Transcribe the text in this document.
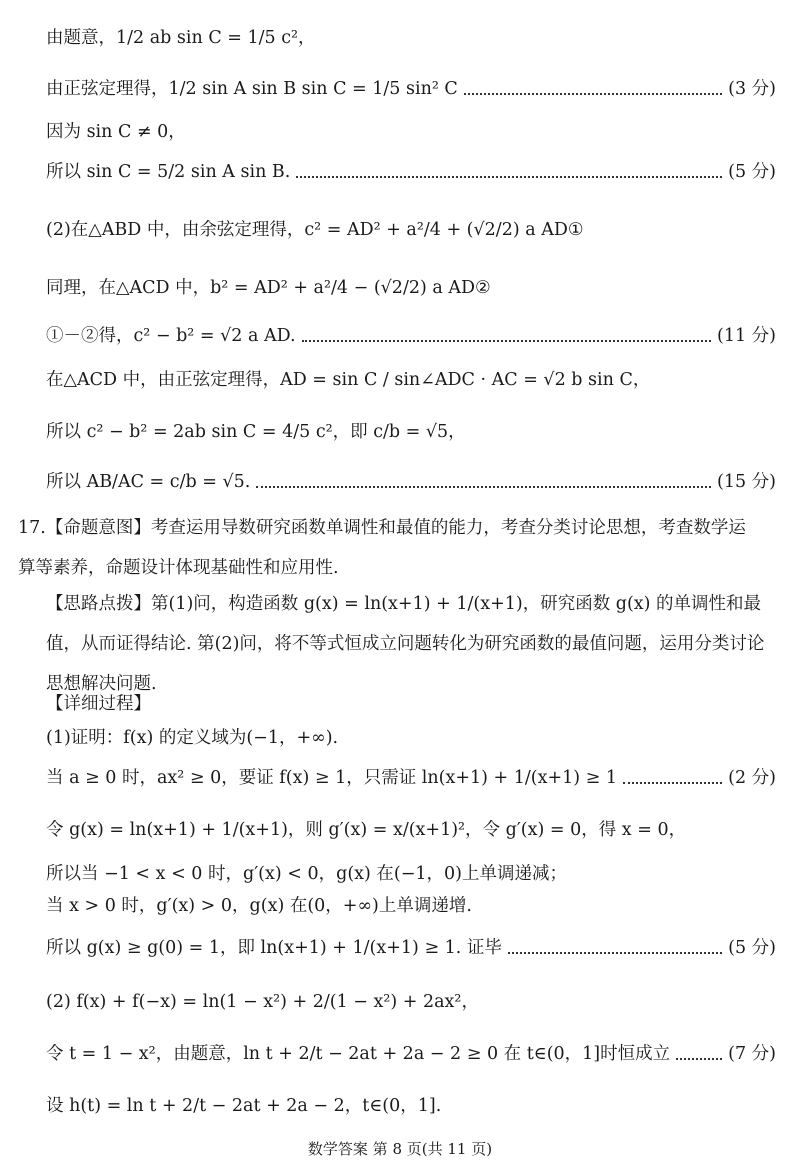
由题意，1/2 ab sin C = 1/5 c²，
由正弦定理得，1/2 sin A sin B sin C = 1/5 sin² C	(3 分)
因为 sin C ≠ 0，
所以 sin C = 5/2 sin A sin B.	(5 分)
(2)在△ABD 中，由余弦定理得，c² = AD² + a²/4 + (√2/2) a AD①
同理，在△ACD 中，b² = AD² + a²/4 − (√2/2) a AD②
①－②得，c² − b² = √2 a AD.	(11 分)
在△ACD 中，由正弦定理得，AD = sin C / sin∠ADC · AC = √2 b sin C，
所以 c² − b² = 2ab sin C = 4/5 c²，即 c/b = √5，
所以 AB/AC = c/b = √5.	(15 分)
17.【命题意图】考查运用导数研究函数单调性和最值的能力，考查分类讨论思想，考查数学运算等素养，命题设计体现基础性和应用性.
【思路点拨】第(1)问，构造函数 g(x) = ln(x+1) + 1/(x+1)，研究函数 g(x) 的单调性和最值，从而证得结论. 第(2)问，将不等式恒成立问题转化为研究函数的最值问题，运用分类讨论思想解决问题.
【详细过程】
(1)证明：f(x) 的定义域为(−1，+∞).
当 a ≥ 0 时，ax² ≥ 0，要证 f(x) ≥ 1，只需证 ln(x+1) + 1/(x+1) ≥ 1	(2 分)
令 g(x) = ln(x+1) + 1/(x+1)，则 g′(x) = x/(x+1)²，令 g′(x) = 0，得 x = 0，
所以当 −1 < x < 0 时，g′(x) < 0，g(x) 在(−1，0)上单调递减；
当 x > 0 时，g′(x) > 0，g(x) 在(0，+∞)上单调递增.
所以 g(x) ≥ g(0) = 1，即 ln(x+1) + 1/(x+1) ≥ 1. 证毕	(5 分)
(2) f(x) + f(−x) = ln(1 − x²) + 2/(1 − x²) + 2ax²，
令 t = 1 − x²，由题意，ln t + 2/t − 2at + 2a − 2 ≥ 0 在 t∈(0，1]时恒成立	(7 分)
设 h(t) = ln t + 2/t − 2at + 2a − 2，t∈(0，1].
数学答案 第 8 页(共 11 页)
